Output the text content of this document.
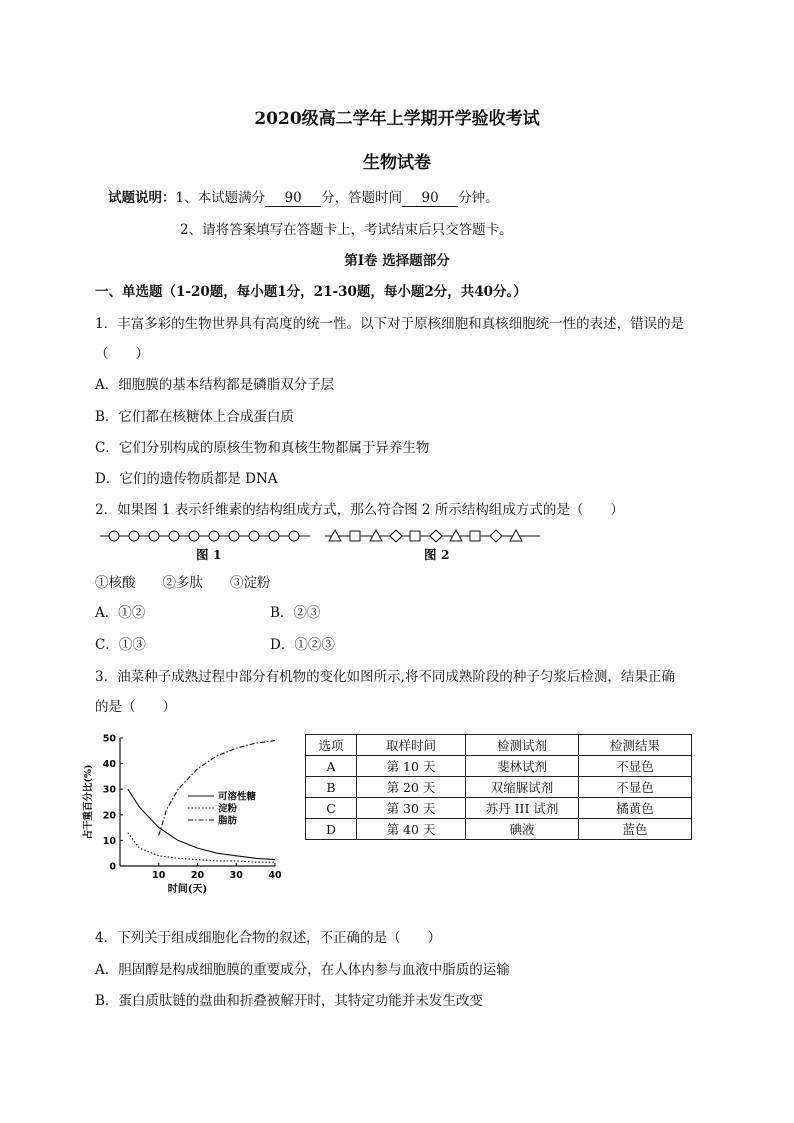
2020级高二学年上学期开学验收考试
生物试卷
试题说明：1、本试题满分 90 分，答题时间 90 分钟。
2、请将答案填写在答题卡上，考试结束后只交答题卡。
第Ⅰ卷 选择题部分
一、单选题（1-20题，每小题1分，21-30题，每小题2分，共40分。）
1．丰富多彩的生物世界具有高度的统一性。以下对于原核细胞和真核细胞统一性的表述，错误的是
（　　）
A．细胞膜的基本结构都是磷脂双分子层
B．它们都在核糖体上合成蛋白质
C．它们分别构成的原核生物和真核生物都属于异养生物
D．它们的遗传物质都是 DNA
2．如果图 1 表示纤维素的结构组成方式，那么符合图 2 所示结构组成方式的是（　　）
图 1	图 2
①核酸　　②多肽　　③淀粉
A．①②	B．②③
C．①③	D．①②③
3．油菜种子成熟过程中部分有机物的变化如图所示,将不同成熟阶段的种子匀浆后检测，结果正确
的是（　　）
0
10
20
30
40
50
10	20	30	40
时间(天)
占干重百分比(%)	可溶性糖
淀粉
脂肪
选项	取样时间	检测试剂	检测结果
A	第 10 天	斐林试剂	不显色
B	第 20 天	双缩脲试剂	不显色
C	第 30 天	苏丹 III 试剂	橘黄色
D	第 40 天	碘液	蓝色
4．下列关于组成细胞化合物的叙述，不正确的是（　　）
A．胆固醇是构成细胞膜的重要成分，在人体内参与血液中脂质的运输
B．蛋白质肽链的盘曲和折叠被解开时，其特定功能并未发生改变
